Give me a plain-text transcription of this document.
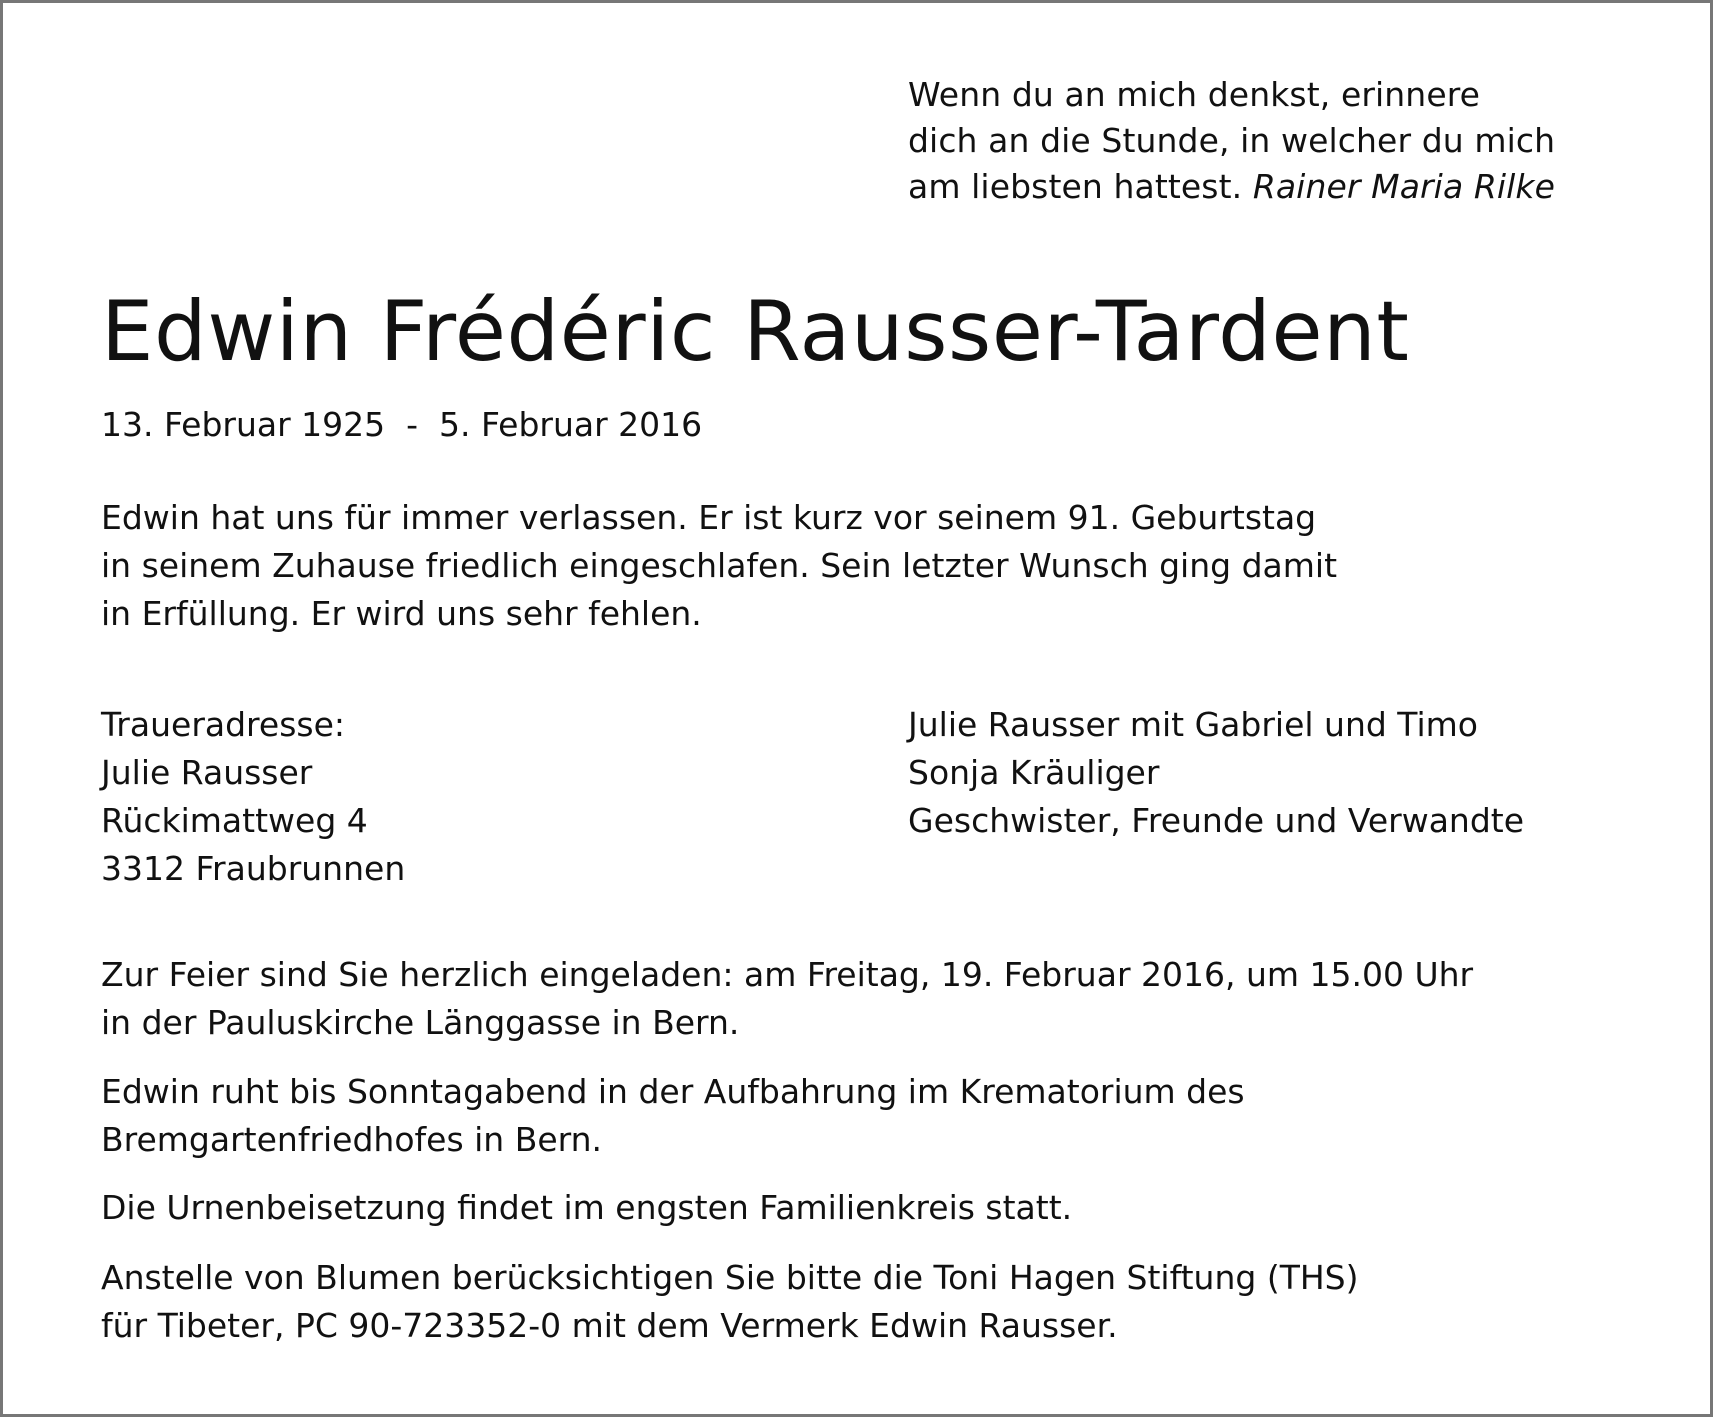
Wenn du an mich denkst, erinnere
dich an die Stunde, in welcher du mich
am liebsten hattest. Rainer Maria Rilke
Edwin Frédéric Rausser-Tardent
13. Februar 1925  -  5. Februar 2016
Edwin hat uns für immer verlassen. Er ist kurz vor seinem 91. Geburtstag
in seinem Zuhause friedlich eingeschlafen. Sein letzter Wunsch ging damit
in Erfüllung. Er wird uns sehr fehlen.
Traueradresse:
Julie Rausser
Rückimattweg 4
3312 Fraubrunnen
Julie Rausser mit Gabriel und Timo
Sonja Kräuliger
Geschwister, Freunde und Verwandte
Zur Feier sind Sie herzlich eingeladen: am Freitag, 19. Februar 2016, um 15.00 Uhr
in der Pauluskirche Länggasse in Bern.
Edwin ruht bis Sonntagabend in der Aufbahrung im Krematorium des
Bremgartenfriedhofes in Bern.
Die Urnenbeisetzung findet im engsten Familienkreis statt.
Anstelle von Blumen berücksichtigen Sie bitte die Toni Hagen Stiftung (THS)
für Tibeter, PC 90-723352-0 mit dem Vermerk Edwin Rausser.
